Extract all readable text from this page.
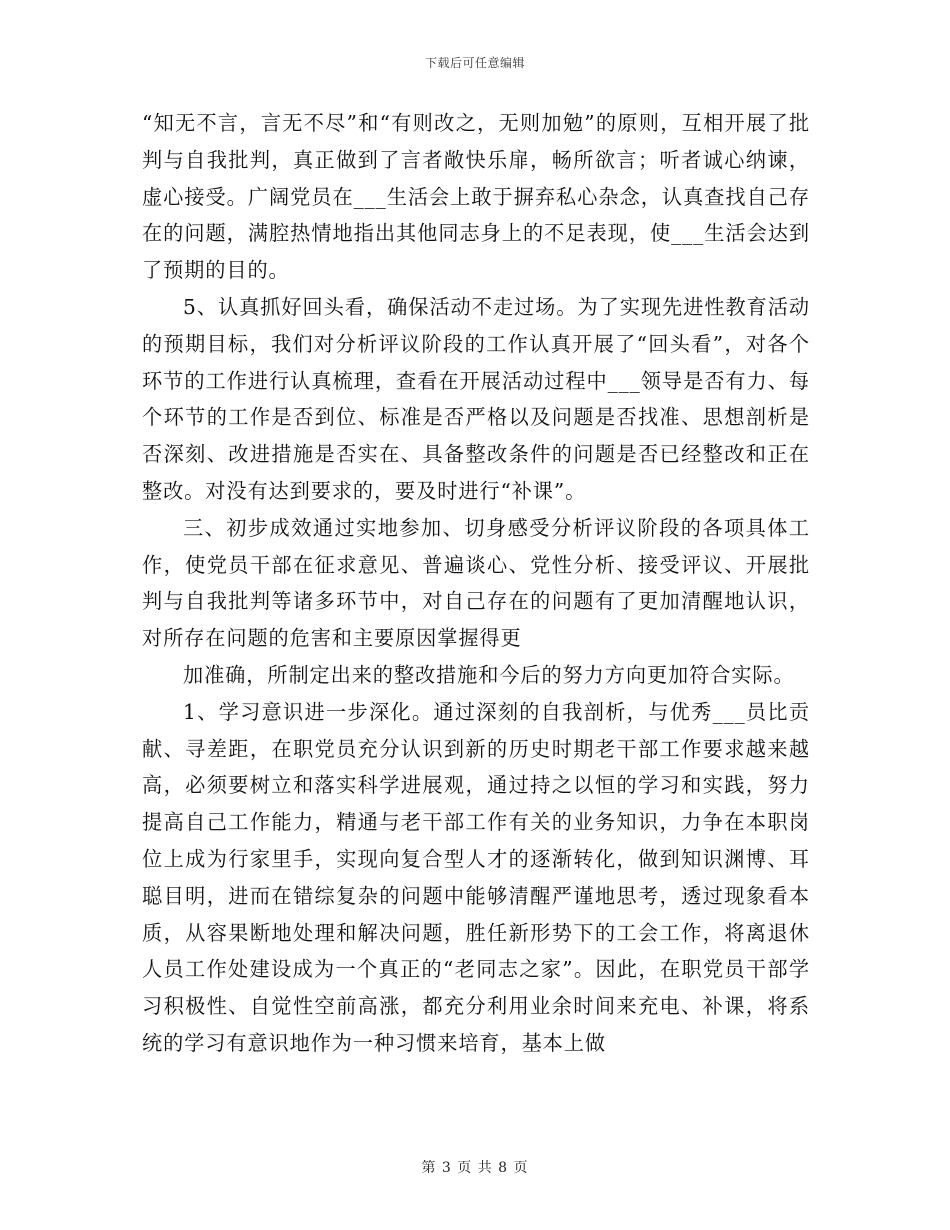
下载后可任意编辑

“知无不言，言无不尽”和“有则改之，无则加勉”的原则，互相开展了批判与自我批判，真正做到了言者敞快乐扉，畅所欲言；听者诚心纳谏，虚心接受。广阔党员在___生活会上敢于摒弃私心杂念，认真查找自己存在的问题，满腔热情地指出其他同志身上的不足表现，使___生活会达到了预期的目的。

5、认真抓好回头看，确保活动不走过场。为了实现先进性教育活动的预期目标，我们对分析评议阶段的工作认真开展了“回头看”，对各个环节的工作进行认真梳理，查看在开展活动过程中___领导是否有力、每个环节的工作是否到位、标准是否严格以及问题是否找准、思想剖析是否深刻、改进措施是否实在、具备整改条件的问题是否已经整改和正在整改。对没有达到要求的，要及时进行“补课”。

三、初步成效通过实地参加、切身感受分析评议阶段的各项具体工作，使党员干部在征求意见、普遍谈心、党性分析、接受评议、开展批判与自我批判等诸多环节中，对自己存在的问题有了更加清醒地认识，对所存在问题的危害和主要原因掌握得更

加准确，所制定出来的整改措施和今后的努力方向更加符合实际。

1、学习意识进一步深化。通过深刻的自我剖析，与优秀___员比贡献、寻差距，在职党员充分认识到新的历史时期老干部工作要求越来越高，必须要树立和落实科学进展观，通过持之以恒的学习和实践，努力提高自己工作能力，精通与老干部工作有关的业务知识，力争在本职岗位上成为行家里手，实现向复合型人才的逐渐转化，做到知识渊博、耳聪目明，进而在错综复杂的问题中能够清醒严谨地思考，透过现象看本质，从容果断地处理和解决问题，胜任新形势下的工会工作，将离退休人员工作处建设成为一个真正的“老同志之家”。因此，在职党员干部学习积极性、自觉性空前高涨，都充分利用业余时间来充电、补课，将系统的学习有意识地作为一种习惯来培育，基本上做

第 3 页 共 8 页
